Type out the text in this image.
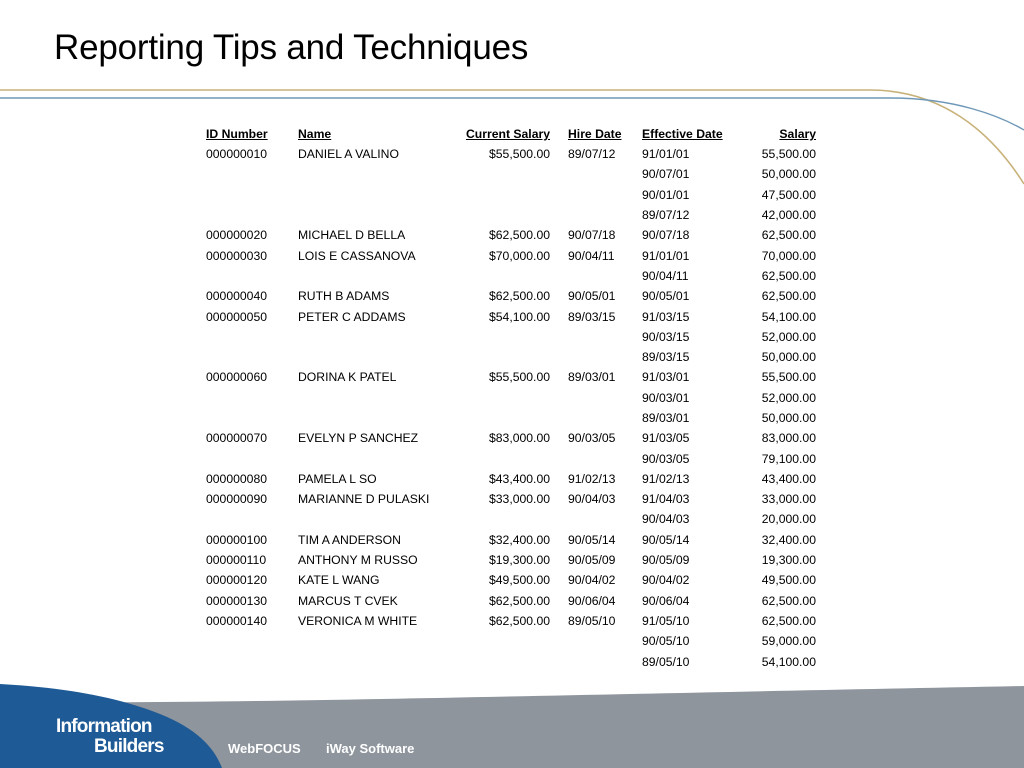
Reporting Tips and Techniques
ID Number	Name	Current Salary	Hire Date	Effective Date	Salary
000000010	DANIEL A VALINO	$55,500.00	89/07/12	91/01/01	55,500.00
				90/07/01	50,000.00
				90/01/01	47,500.00
				89/07/12	42,000.00
000000020	MICHAEL D BELLA	$62,500.00	90/07/18	90/07/18	62,500.00
000000030	LOIS E CASSANOVA	$70,000.00	90/04/11	91/01/01	70,000.00
				90/04/11	62,500.00
000000040	RUTH B ADAMS	$62,500.00	90/05/01	90/05/01	62,500.00
000000050	PETER C ADDAMS	$54,100.00	89/03/15	91/03/15	54,100.00
				90/03/15	52,000.00
				89/03/15	50,000.00
000000060	DORINA K PATEL	$55,500.00	89/03/01	91/03/01	55,500.00
				90/03/01	52,000.00
				89/03/01	50,000.00
000000070	EVELYN P SANCHEZ	$83,000.00	90/03/05	91/03/05	83,000.00
				90/03/05	79,100.00
000000080	PAMELA L SO	$43,400.00	91/02/13	91/02/13	43,400.00
000000090	MARIANNE D PULASKI	$33,000.00	90/04/03	91/04/03	33,000.00
				90/04/03	20,000.00
000000100	TIM A ANDERSON	$32,400.00	90/05/14	90/05/14	32,400.00
000000110	ANTHONY M RUSSO	$19,300.00	90/05/09	90/05/09	19,300.00
000000120	KATE L WANG	$49,500.00	90/04/02	90/04/02	49,500.00
000000130	MARCUS T CVEK	$62,500.00	90/06/04	90/06/04	62,500.00
000000140	VERONICA M WHITE	$62,500.00	89/05/10	91/05/10	62,500.00
				90/05/10	59,000.00
				89/05/10	54,100.00
Information
Builders	WebFOCUS iWay Software
